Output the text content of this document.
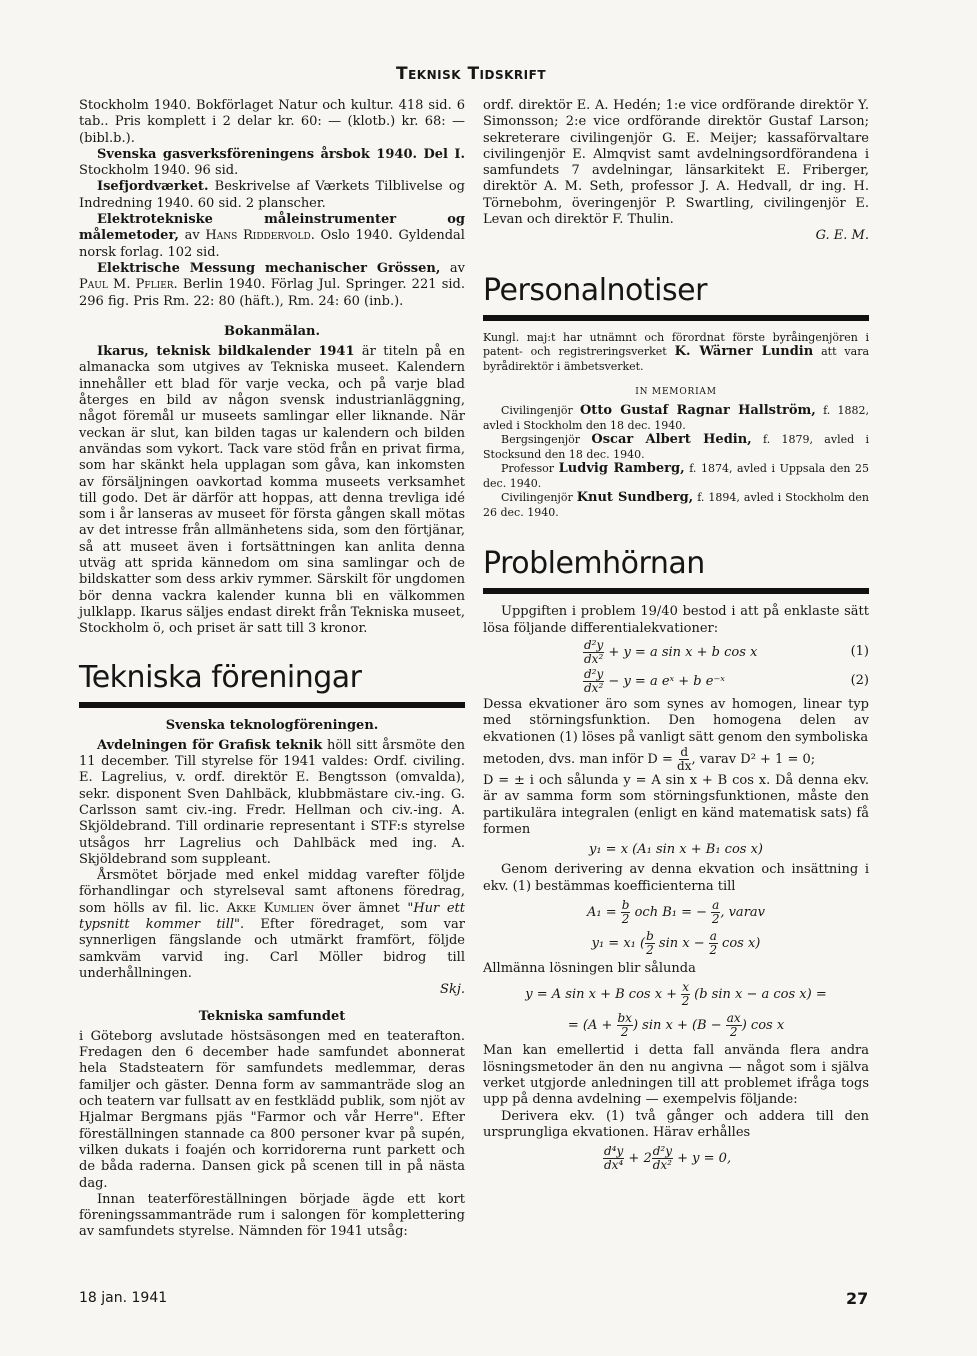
Teknisk Tidskrift

Stockholm 1940. Bokförlaget Natur och kultur. 418 sid. 6 tab.. Pris komplett i 2 delar kr. 60: — (klotb.) kr. 68: — (bibl.b.).

Svenska gasverksföreningens årsbok 1940. Del I. Stockholm 1940. 96 sid.

Isefjordværket. Beskrivelse af Værkets Tilblivelse og Indredning 1940. 60 sid. 2 planscher.

Elektrotekniske måleinstrumenter og målemetoder, av Hans Riddervold. Oslo 1940. Gyldendal norsk forlag. 102 sid.

Elektrische Messung mechanischer Grössen, av Paul M. Pflier. Berlin 1940. Förlag Jul. Springer. 221 sid. 296 fig. Pris Rm. 22: 80 (häft.), Rm. 24: 60 (inb.).

Bokanmälan.

Ikarus, teknisk bildkalender 1941 är titeln på en almanacka som utgives av Tekniska museet. Kalendern innehåller ett blad för varje vecka, och på varje blad återges en bild av någon svensk industrianläggning, något föremål ur museets samlingar eller liknande. När veckan är slut, kan bilden tagas ur kalendern och bilden användas som vykort. Tack vare stöd från en privat firma, som har skänkt hela upplagan som gåva, kan inkomsten av försäljningen oavkortad komma museets verksamhet till godo. Det är därför att hoppas, att denna trevliga idé som i år lanseras av museet för första gången skall mötas av det intresse från allmänhetens sida, som den förtjänar, så att museet även i fortsättningen kan anlita denna utväg att sprida kännedom om sina samlingar och de bildskatter som dess arkiv rymmer. Särskilt för ungdomen bör denna vackra kalender kunna bli en välkommen julklapp. Ikarus säljes endast direkt från Tekniska museet, Stockholm ö, och priset är satt till 3 kronor.

Tekniska föreningar

Svenska teknologföreningen.

Avdelningen för Grafisk teknik höll sitt årsmöte den 11 december. Till styrelse för 1941 valdes: Ordf. civiling. E. Lagrelius, v. ordf. direktör E. Bengtsson (omvalda), sekr. disponent Sven Dahlbäck, klubbmästare civ.-ing. G. Carlsson samt civ.-ing. Fredr. Hellman och civ.-ing. A. Skjöldebrand. Till ordinarie representant i STF:s styrelse utsågos hrr Lagrelius och Dahlbäck med ing. A. Skjöldebrand som suppleant.

Årsmötet började med enkel middag varefter följde förhandlingar och styrelseval samt aftonens föredrag, som hölls av fil. lic. Akke Kumlien över ämnet "Hur ett typsnitt kommer till". Efter föredraget, som var synnerligen fängslande och utmärkt framfört, följde samkväm varvid ing. Carl Möller bidrog till underhållningen.

Skj.

Tekniska samfundet

i Göteborg avslutade höstsäsongen med en teaterafton. Fredagen den 6 december hade samfundet abonnerat hela Stadsteatern för samfundets medlemmar, deras familjer och gäster. Denna form av sammanträde slog an och teatern var fullsatt av en festklädd publik, som njöt av Hjalmar Bergmans pjäs "Farmor och vår Herre". Efter föreställningen stannade ca 800 personer kvar på supén, vilken dukats i foajén och korridorerna runt parkett och de båda raderna. Dansen gick på scenen till in på nästa dag.

Innan teaterföreställningen började ägde ett kort föreningssammanträde rum i salongen för komplettering av samfundets styrelse. Nämnden för 1941 utsåg:

ordf. direktör E. A. Hedén; 1:e vice ordförande direktör Y. Simonsson; 2:e vice ordförande direktör Gustaf Larson; sekreterare civilingenjör G. E. Meijer; kassaförvaltare civilingenjör E. Almqvist samt avdelningsordförandena i samfundets 7 avdelningar, länsarkitekt E. Friberger, direktör A. M. Seth, professor J. A. Hedvall, dr ing. H. Törnebohm, överingenjör P. Swartling, civilingenjör E. Levan och direktör F. Thulin.

G. E. M.

Personalnotiser

Kungl. maj:t har utnämnt och förordnat förste byråingenjören i patent- och registreringsverket K. Wärner Lundin att vara byrådirektör i ämbetsverket.

IN MEMORIAM

Civilingenjör Otto Gustaf Ragnar Hallström, f. 1882, avled i Stockholm den 18 dec. 1940.

Bergsingenjör Oscar Albert Hedin, f. 1879, avled i Stocksund den 18 dec. 1940.

Professor Ludvig Ramberg, f. 1874, avled i Uppsala den 25 dec. 1940.

Civilingenjör Knut Sundberg, f. 1894, avled i Stockholm den 26 dec. 1940.

Problemhörnan

Uppgiften i problem 19/40 bestod i att på enklaste sätt lösa följande differentialekvationer:

$\frac{\text{d²y}}{\text{dx²}} + y = a$ sin x + b cos x	(1)
$\frac{\text{d²y}}{\text{dx²}} - y = a$ eˣ + b e⁻ˣ	(2)

Dessa ekvationer äro som synes av homogen, linear typ med störningsfunktion. Den homogena delen av ekvationen (1) löses på vanligt sätt genom den symboliska

metoden, dvs. man inför $D = \frac{d}{dx}$ , varav D² + 1 = 0;

D = ± i och sålunda y = A sin x + B cos x. Då denna ekv. är av samma form som störningsfunktionen, måste den partikulära integralen (enligt en känd matematisk sats) få formen

y₁ = x (A₁ sin x + B₁ cos x)

Genom derivering av denna ekvation och insättning i ekv. (1) bestämmas koefficienterna till

$A_1 = \frac{b}{2}$ och B₁ = − $\frac{a}{2}$ , varav

y₁ = x₁ ( $\frac{b}{2}$ $\sin x - \frac{a}{2}$ cos x)

Allmänna lösningen blir sålunda

y = A sin x + B $\cos x + \frac{x}{2} (b$ sin x − a cos x) =

= ($A + \frac{bx}{2}$ ) $\sin x + (B - \frac{ax}{2}$ ) cos x

Man kan emellertid i detta fall använda flera andra lösningsmetoder än den nu angivna — något som i själva verket utgjorde anledningen till att problemet ifråga togs upp på denna avdelning — exempelvis följande:

Derivera ekv. (1) två gånger och addera till den ursprungliga ekvationen. Härav erhålles

$\frac{\text{d⁴y}}{\text{dx⁴}} + 2 \frac{\text{d²y}}{\text{dx²}} + y = 0$,

18 jan. 1941	27
